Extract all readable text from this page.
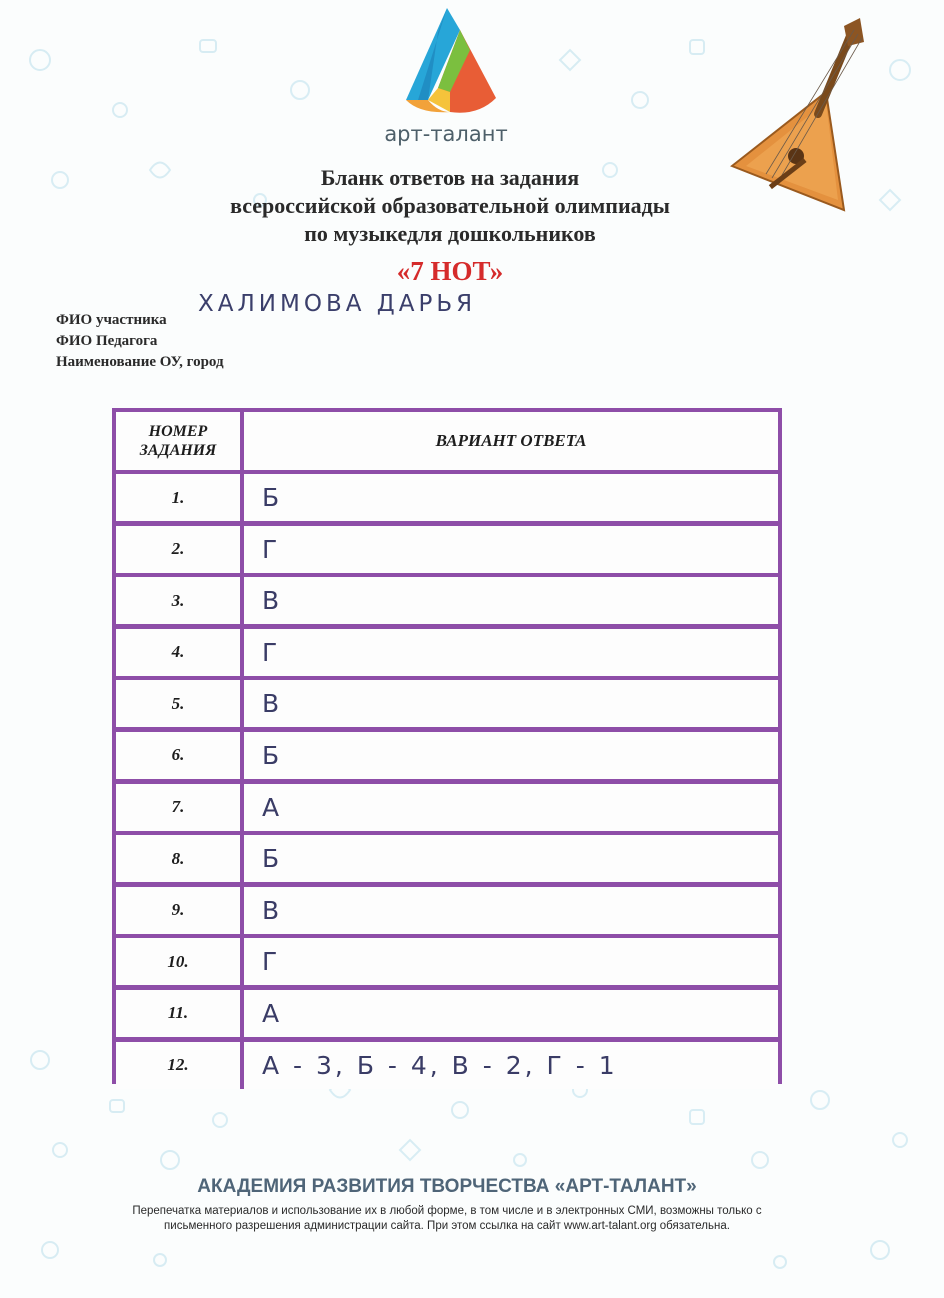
арт-талант
Бланк ответов на задания
всероссийской образовательной олимпиады
по музыкедля дошкольников
«7 НОТ»
ФИО участника
ХАЛИМОВА ДАРЬЯ
ФИО Педагога
Наименование ОУ, город
НОМЕР
ЗАДАНИЯ
ВАРИАНТ ОТВЕТА
1.	Б
2.	Г
3.	В
4.	Г
5.	В
6.	Б
7.	А
8.	Б
9.	В
10.	Г
11.	А
12.	А - 3, Б - 4, В - 2, Г - 1
АКАДЕМИЯ РАЗВИТИЯ ТВОРЧЕСТВА «АРТ-ТАЛАНТ»
Перепечатка материалов и использование их в любой форме, в том числе и в электронных СМИ, возможны только с
письменного разрешения администрации сайта. При этом ссылка на сайт www.art-talant.org обязательна.
